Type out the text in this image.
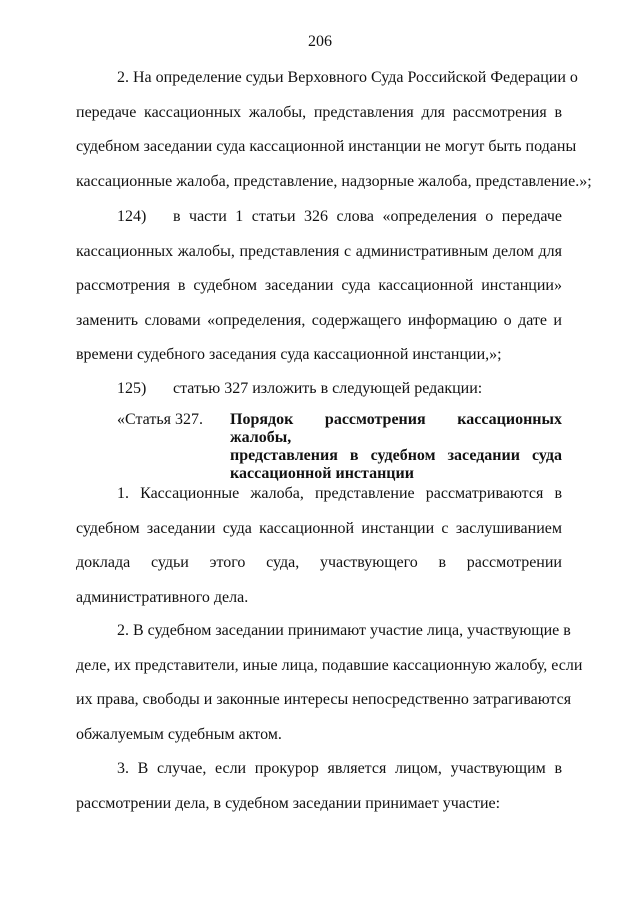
206
2. На определение судьи Верховного Суда Российской Федерации о
передаче кассационных жалобы, представления для рассмотрения в
судебном заседании суда кассационной инстанции не могут быть поданы
кассационные жалоба, представление, надзорные жалоба, представление.»;
124)	в части 1 статьи 326 слова «определения о передаче
кассационных жалобы, представления с административным делом для
рассмотрения в судебном заседании суда кассационной инстанции»
заменить словами «определения, содержащего информацию о дате и
времени судебного заседания суда кассационной инстанции,»;
125)	статью 327 изложить в следующей редакции:
«Статья 327. Порядок рассмотрения кассационных жалобы,
представления в судебном заседании суда
кассационной инстанции
1. Кассационные жалоба, представление рассматриваются в
судебном заседании суда кассационной инстанции с заслушиванием
доклада судьи этого суда, участвующего в рассмотрении
административного дела.
2. В судебном заседании принимают участие лица, участвующие в
деле, их представители, иные лица, подавшие кассационную жалобу, если
их права, свободы и законные интересы непосредственно затрагиваются
обжалуемым судебным актом.
3. В случае, если прокурор является лицом, участвующим в
рассмотрении дела, в судебном заседании принимает участие:
